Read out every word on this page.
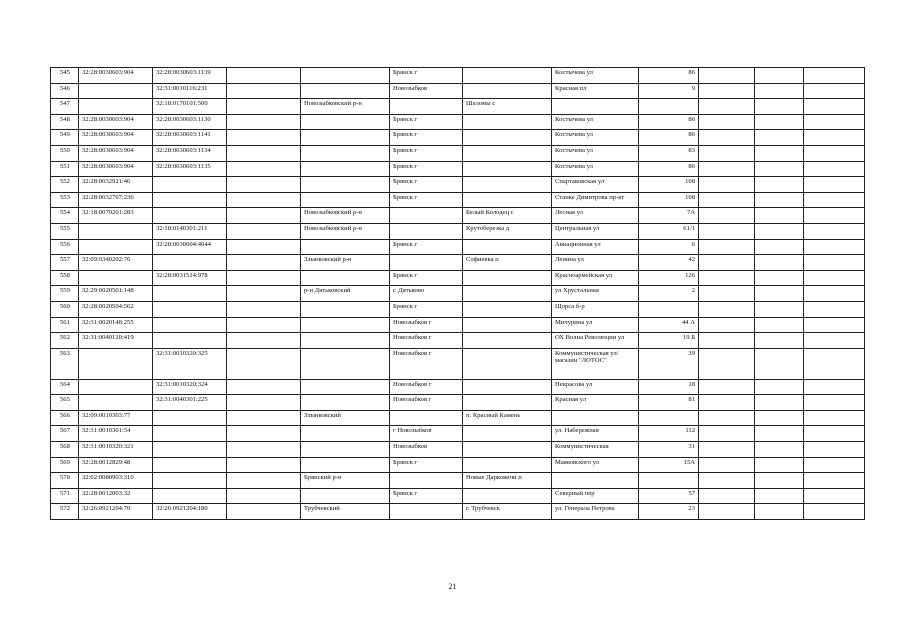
545	32:28:0030603:904	32:28:0030603:1139			Брянск г		Костычева ул	86			
546		32:31:0010116:231			Новозыбков		Красная пл	9			
547		32:18:0170101:500		Новозыбковский р-н		Шеломы с					
548	32:28:0030603:904	32:28:0030603:1130			Брянск г		Костычева ул	86			
549	32:28:0030603:904	32:28:0030603:1141			Брянск г		Костычева ул	86			
550	32:28:0030603:904	32:28:0030603:1134			Брянск г		Костычева ул	83			
551	32:28:0030603:904	32:28:0030603:1135			Брянск г		Костычева ул	86			
552	32:28:0032921:46				Брянск г		Спартаковская ул	108			
553	32:28:0032707:236				Брянск г		Станке Димитрова пр-кт	108			
554	32:18:0070201:283			Новозыбковский р-н		Белый Колодец с	Лесная ул	7А			
555		32:18:0140301:211		Новозыбковский р-н		Крутоберезка д	Центральная ул	61/1			
556		32:28:0030604:4044			Брянск г		Авиационная ул	6			
557	32:09:0340202:76			Злынковский р-н		Софиевка п	Ленина ул	42			
558		32:28:0031514:978			Брянск г		Красноармейская ул	126			
559	32:29:0020501:148			р-н Дятьковский	г. Дятьково		ул Хрустальная	2			
560	32:28:0020504:562				Брянск г		Щорса б-р				
561	32:31:0020148:255				Новозыбков г		Мичурина ул	44 А			
562	32:31:0040120:419				Новозыбков г		ОХ Волна Революции ул	19 Б			
563		32:31:0010320:325			Новозыбков г		Коммунистическая ул/магазин "ЛОТОС"	39			
564		32:31:0010320:324			Новозыбков г		Некрасова ул	18			
565		32:31:0040301:225			Новозыбков г		Красная ул	81			
566	32:09:0010303:77			Злынковский		п. Красный Камень					
567	32:31:0010301:54				г Новозыбков		ул. Набережная	112			
568	32:31:0010320:321				Новозыбков		Коммунистическая	31			
569	32:28:0012829:48				Брянск г		Маяковского ул	15А			
570	32:02:0080903:310			Брянский р-н		Новые Дарковичи п					
571	32:28:0012003:32				Брянск г		Северный пер	57			
572	32:26:0921204:70	32:26:0921204:180		Трубчевский		г. Трубчевск	ул. Генерала Петрова	23			
21
